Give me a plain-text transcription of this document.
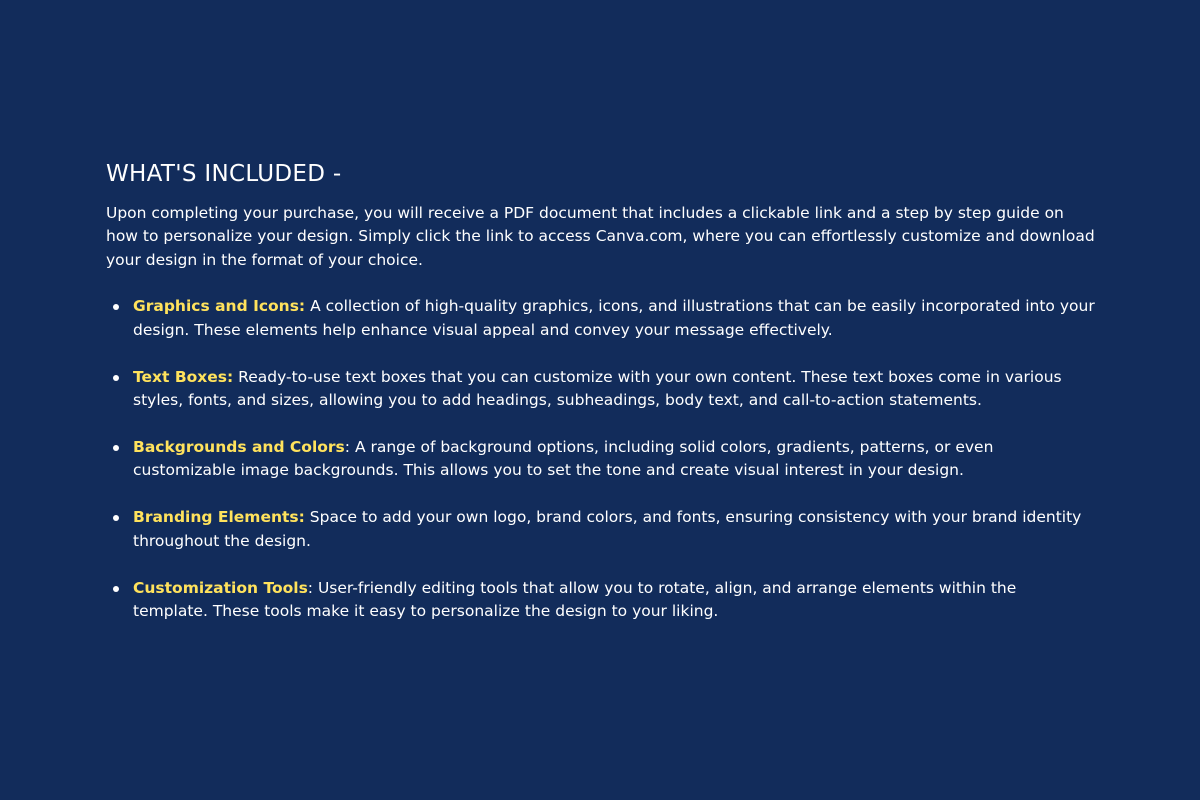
WHAT'S INCLUDED -

Upon completing your purchase, you will receive a PDF document that includes a clickable link and a step by step guide on how to personalize your design. Simply click the link to access Canva.com, where you can effortlessly customize and download your design in the format of your choice.

Graphics and Icons: A collection of high-quality graphics, icons, and illustrations that can be easily incorporated into your design. These elements help enhance visual appeal and convey your message effectively.
Text Boxes: Ready-to-use text boxes that you can customize with your own content. These text boxes come in various styles, fonts, and sizes, allowing you to add headings, subheadings, body text, and call-to-action statements.
Backgrounds and Colors: A range of background options, including solid colors, gradients, patterns, or even customizable image backgrounds. This allows you to set the tone and create visual interest in your design.
Branding Elements: Space to add your own logo, brand colors, and fonts, ensuring consistency with your brand identity throughout the design.
Customization Tools: User-friendly editing tools that allow you to rotate, align, and arrange elements within the template. These tools make it easy to personalize the design to your liking.
